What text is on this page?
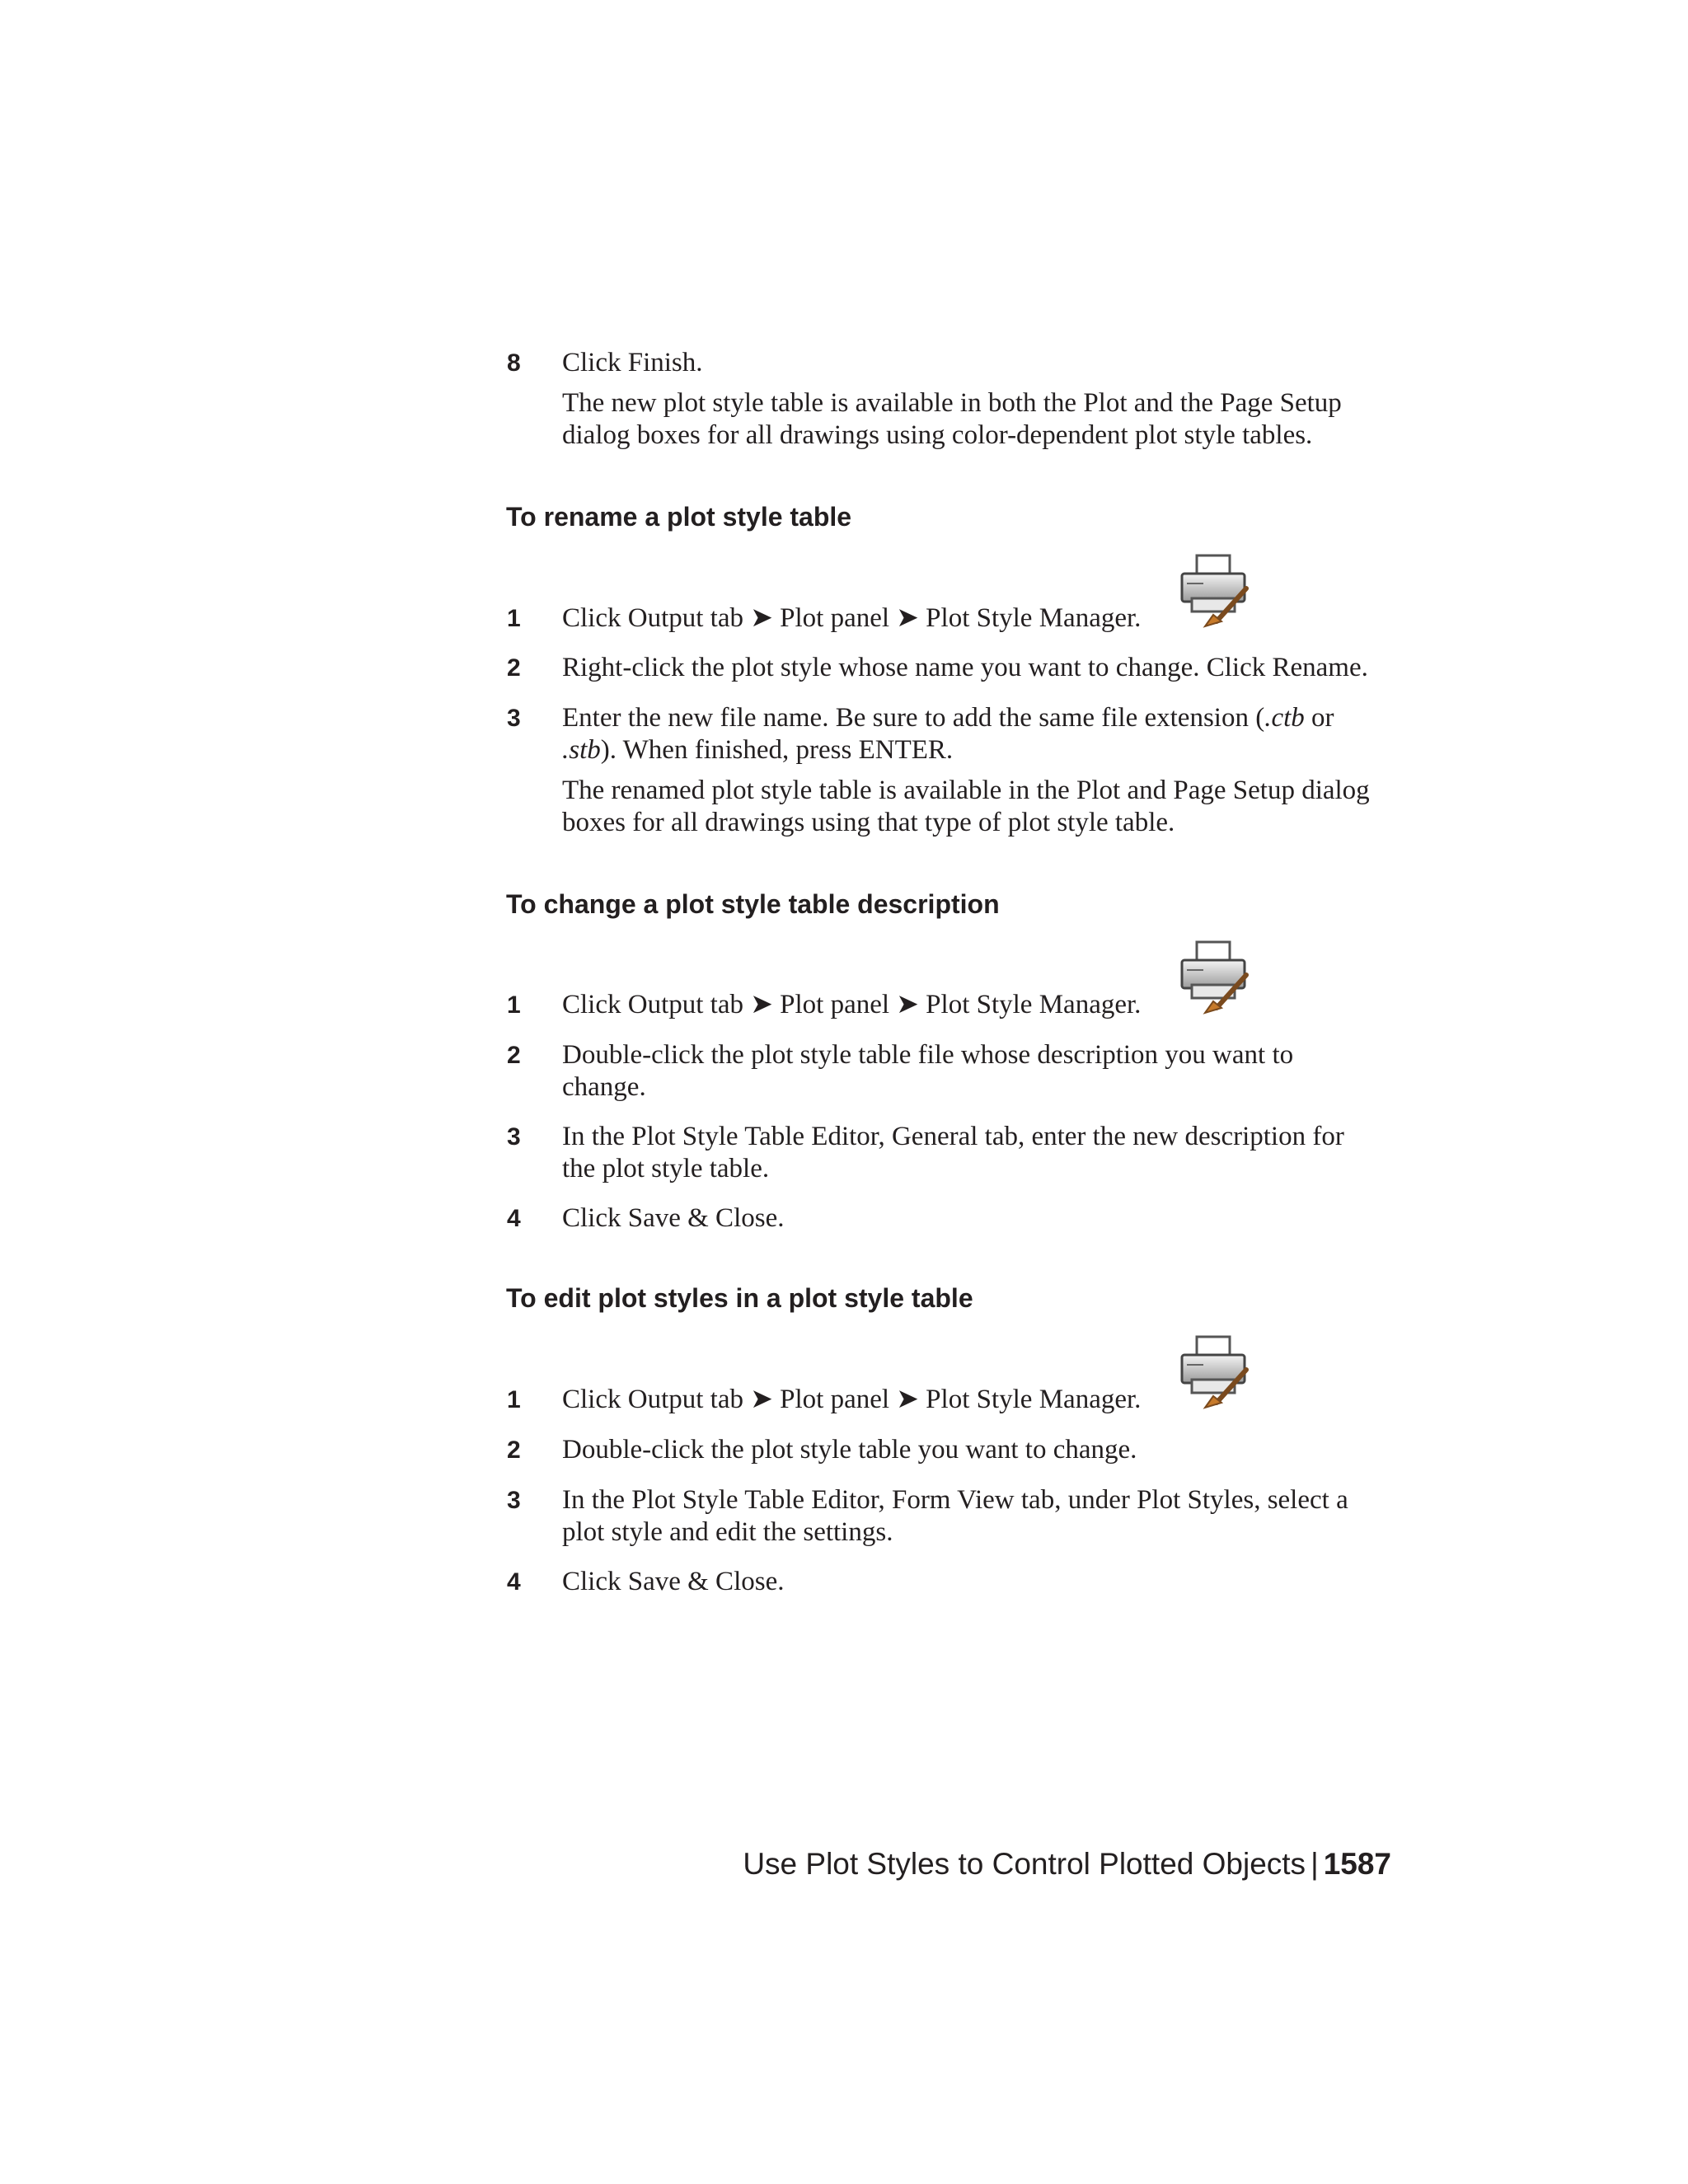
8	Click Finish.
The new plot style table is available in both the Plot and the Page Setup
dialog boxes for all drawings using color-dependent plot style tables.
To rename a plot style table
1	Click Output tab ➤ Plot panel ➤ Plot Style Manager.
2	Right-click the plot style whose name you want to change. Click Rename.
3	Enter the new file name. Be sure to add the same file extension (.ctb or
.stb). When finished, press ENTER.
The renamed plot style table is available in the Plot and Page Setup dialog
boxes for all drawings using that type of plot style table.
To change a plot style table description
1	Click Output tab ➤ Plot panel ➤ Plot Style Manager.
2	Double-click the plot style table file whose description you want to
change.
3	In the Plot Style Table Editor, General tab, enter the new description for
the plot style table.
4	Click Save & Close.
To edit plot styles in a plot style table
1	Click Output tab ➤ Plot panel ➤ Plot Style Manager.
2	Double-click the plot style table you want to change.
3	In the Plot Style Table Editor, Form View tab, under Plot Styles, select a
plot style and edit the settings.
4	Click Save & Close.
Use Plot Styles to Control Plotted Objects | 1587
